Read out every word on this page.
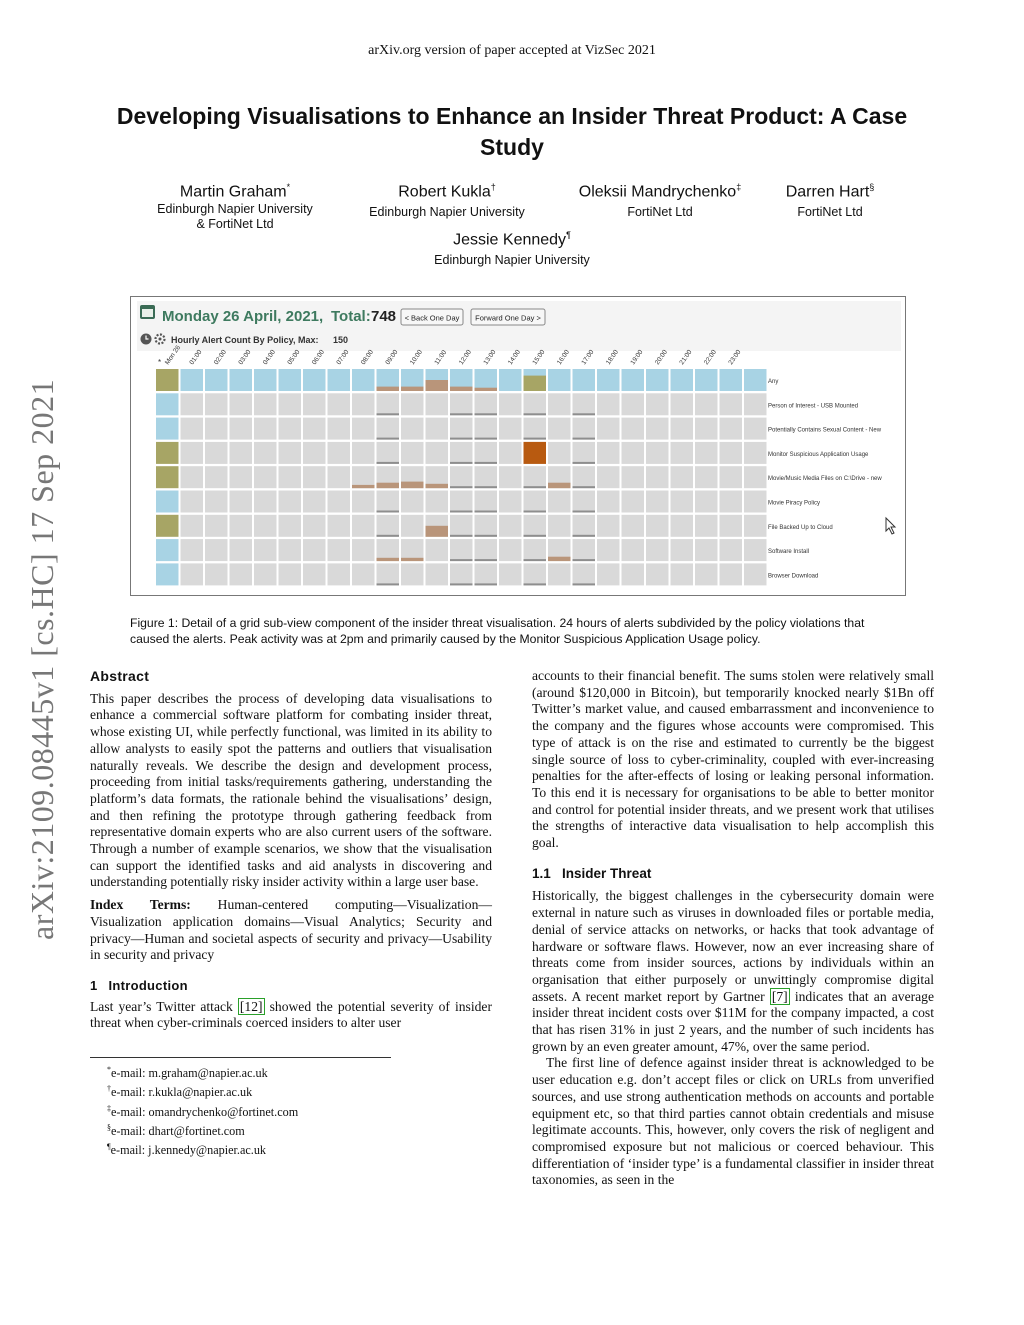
arXiv.org version of paper accepted at VizSec 2021
Developing Visualisations to Enhance an Insider Threat Product: A Case Study
Martin Graham*
Edinburgh Napier University
& FortiNet Ltd
Robert Kukla†
Edinburgh Napier University
Oleksii Mandrychenko‡
FortiNet Ltd
Darren Hart§
FortiNet Ltd
Jessie Kennedy¶
Edinburgh Napier University
arXiv:2109.08445v1 [cs.HC] 17 Sep 2021
Monday 26 April, 2021, Total: 748 < Back One Day Forward One Day >
Hourly Alert Count By Policy, Max: 150
* Mon 26 01:00 02:00 03:00 04:00 05:00 06:00 07:00 08:00 09:00 10:00 11:00 12:00 13:00 14:00 15:00 16:00 17:00 18:00 19:00 20:00 21:00 22:00 23:00
Any
Person of Interest - USB Mounted
Potentially Contains Sexual Content - New
Monitor Suspicious Application Usage
Movie/Music Media Files on C:\Drive - new
Movie Piracy Policy
File Backed Up to Cloud
Software Install
Browser Download
Figure 1: Detail of a grid sub-view component of the insider threat visualisation. 24 hours of alerts subdivided by the policy violations that caused the alerts. Peak activity was at 2pm and primarily caused by the Monitor Suspicious Application Usage policy.
Abstract

This paper describes the process of developing data visualisations to enhance a commercial software platform for combating insider threat, whose existing UI, while perfectly functional, was limited in its ability to allow analysts to easily spot the patterns and outliers that visualisation naturally reveals. We describe the design and development process, proceeding from initial tasks/requirements gathering, understanding the platform’s data formats, the rationale behind the visualisations’ design, and then refining the prototype through gathering feedback from representative domain experts who are also current users of the software. Through a number of example scenarios, we show that the visualisation can support the identified tasks and aid analysts in discovering and understanding potentially risky insider activity within a large user base.

Index Terms: Human-centered computing—Visualization—Visualization application domains—Visual Analytics; Security and privacy—Human and societal aspects of security and privacy—Usability in security and privacy

1 Introduction

Last year’s Twitter attack [12] showed the potential severity of insider threat when cyber-criminals coerced insiders to alter user

*e-mail: m.graham@napier.ac.uk
†e-mail: r.kukla@napier.ac.uk
‡e-mail: omandrychenko@fortinet.com
§e-mail: dhart@fortinet.com
¶e-mail: j.kennedy@napier.ac.uk

accounts to their financial benefit. The sums stolen were relatively small (around $120,000 in Bitcoin), but temporarily knocked nearly $1Bn off Twitter’s market value, and caused embarrassment and inconvenience to the company and the figures whose accounts were compromised. This type of attack is on the rise and estimated to currently be the biggest single source of loss to cyber-criminality, coupled with ever-increasing penalties for the after-effects of losing or leaking personal information. To this end it is necessary for organisations to be able to better monitor and control for potential insider threats, and we present work that utilises the strengths of interactive data visualisation to help accomplish this goal.

1.1 Insider Threat

Historically, the biggest challenges in the cybersecurity domain were external in nature such as viruses in downloaded files or portable media, denial of service attacks on networks, or hacks that took advantage of hardware or software flaws. However, now an ever increasing share of threats come from insider sources, actions by individuals within an organisation that either purposely or unwittingly compromise digital assets. A recent market report by Gartner [7] indicates that an average insider threat incident costs over $11M for the company impacted, a cost that has risen 31% in just 2 years, and the number of such incidents has grown by an even greater amount, 47%, over the same period.

The first line of defence against insider threat is acknowledged to be user education e.g. don’t accept files or click on URLs from unverified sources, and use strong authentication methods on accounts and portable equipment etc, so that third parties cannot obtain credentials and misuse legitimate accounts. This, however, only covers the risk of negligent and compromised exposure but not malicious or coerced behaviour. This differentiation of ‘insider type’ is a fundamental classifier in insider threat taxonomies, as seen in the
